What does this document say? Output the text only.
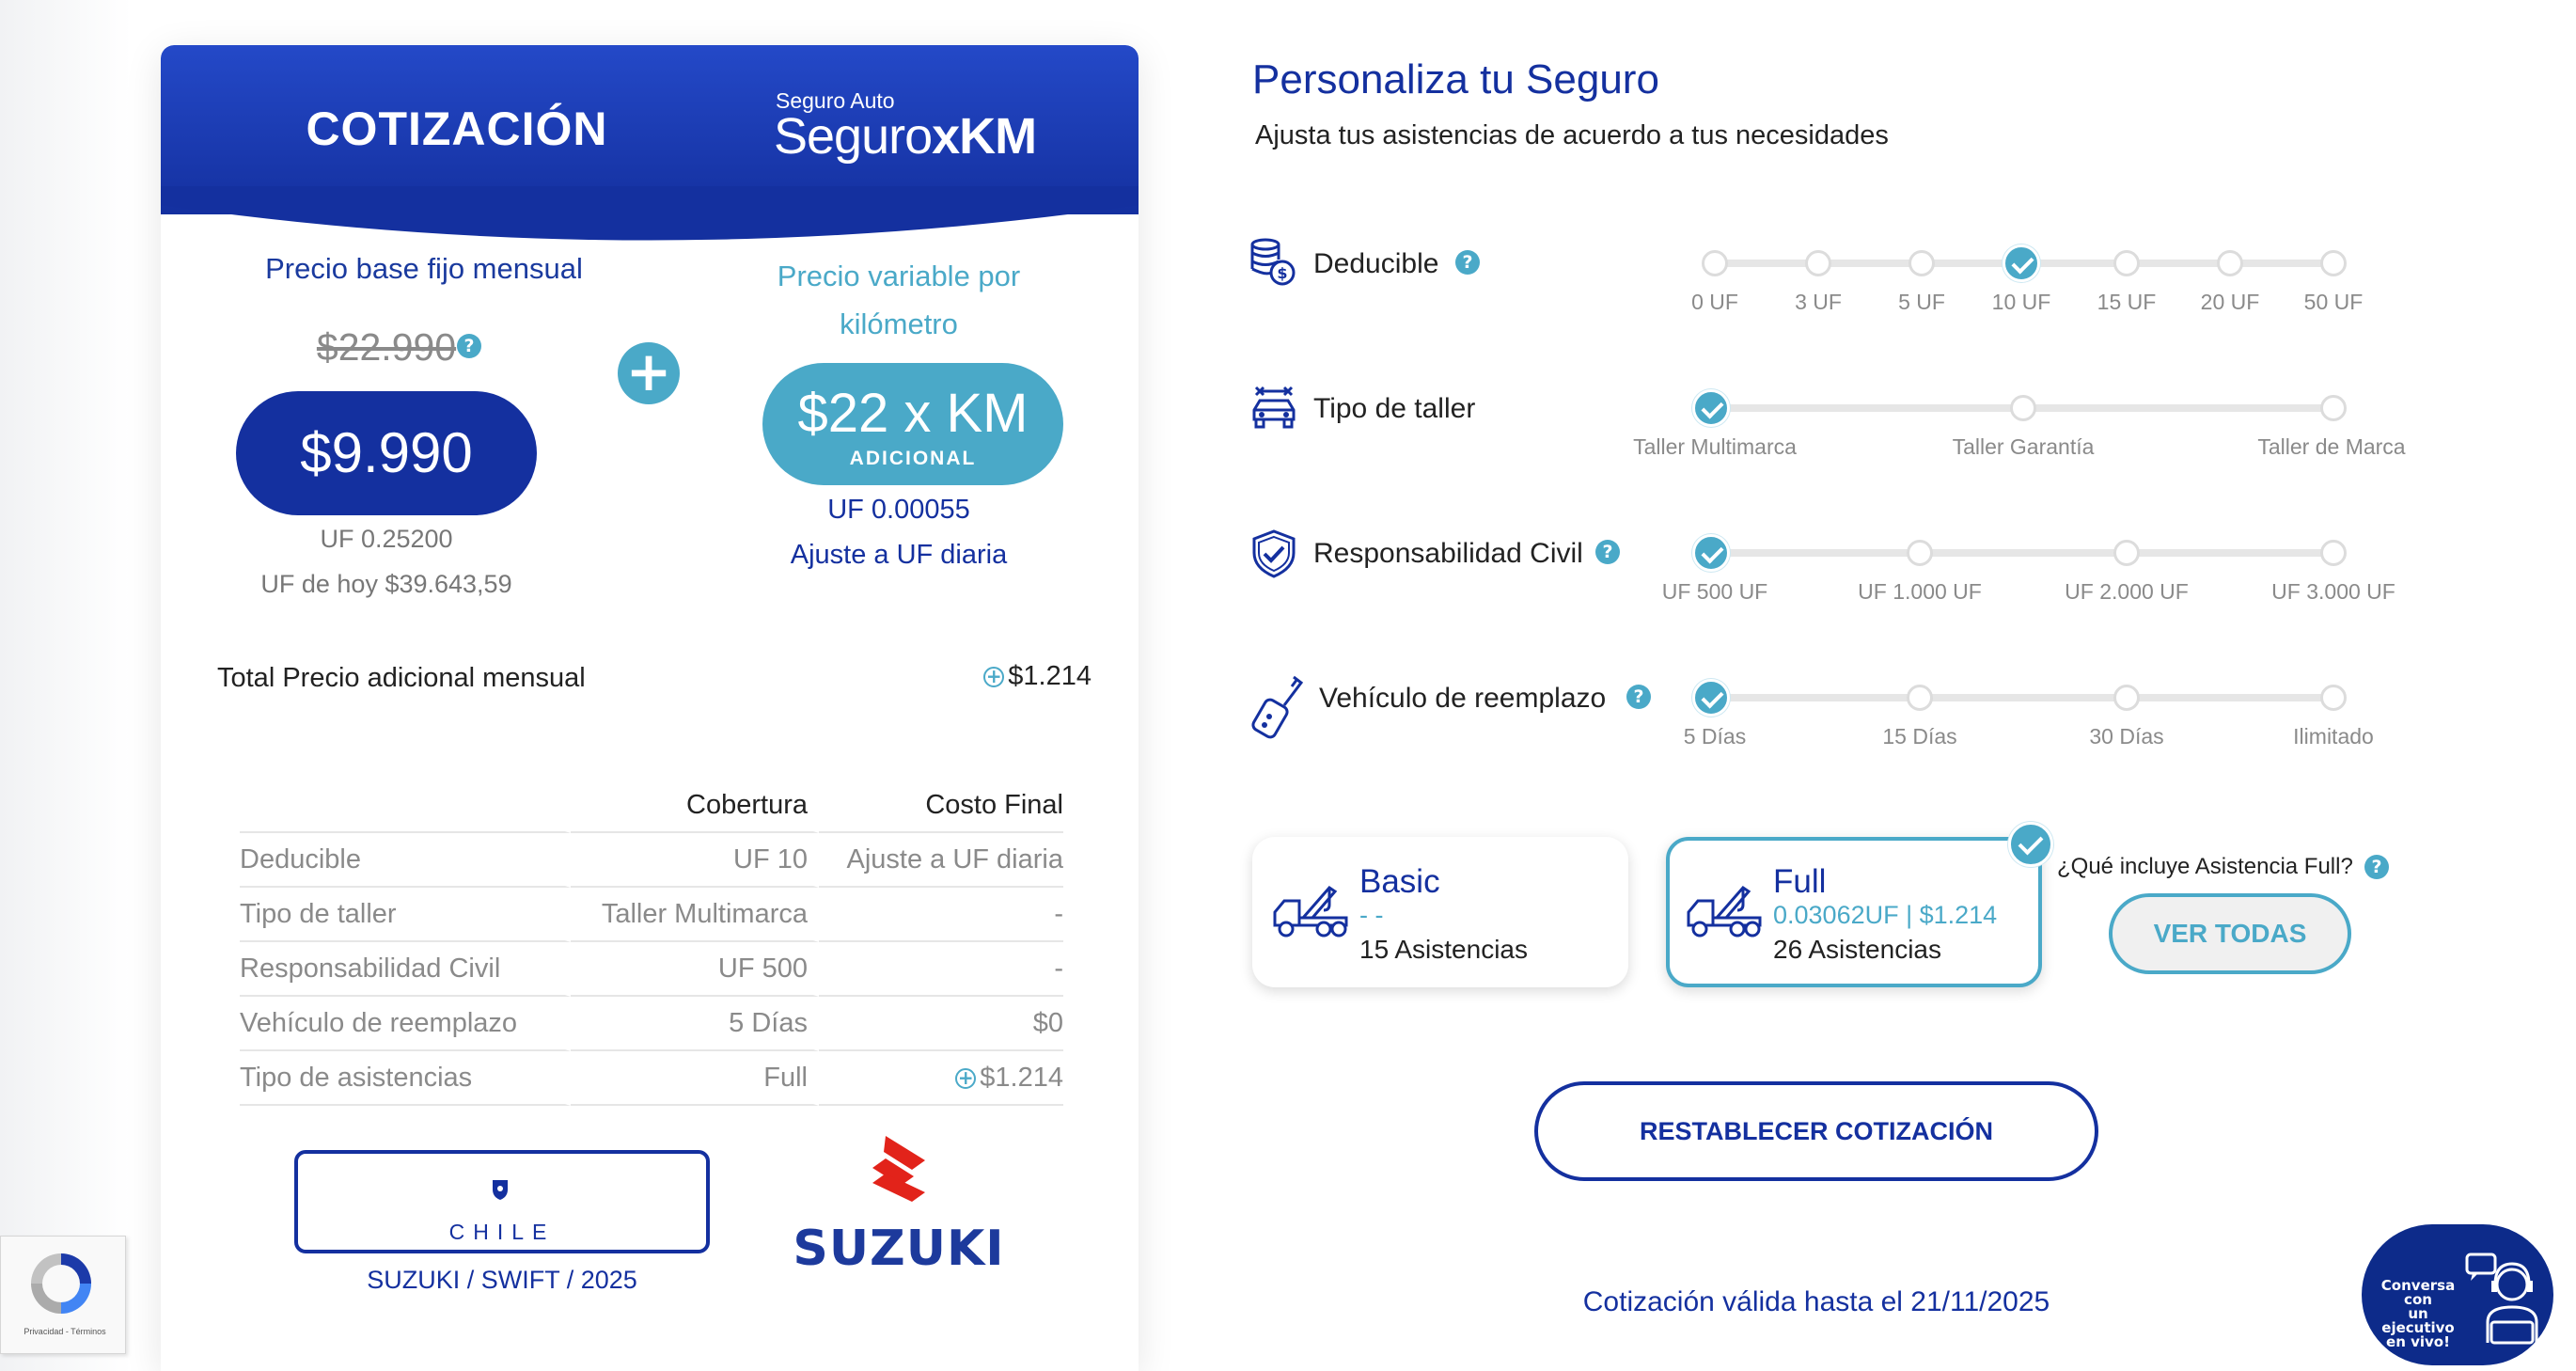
COTIZACIÓN
Seguro Auto
SeguroxKM
Precio base fijo mensual
$22.990 ?
$9.990
UF 0.25200
UF de hoy $39.643,59
+
Precio variable por kilómetro
$22 x KM
ADICIONAL
UF 0.00055
Ajuste a UF diaria
Total Precio adicional mensual	+ $1.214
	Cobertura	Costo Final
Deducible	UF 10	Ajuste a UF diaria
Tipo de taller	Taller Multimarca	-
Responsabilidad Civil	UF 500	-
Vehículo de reemplazo	5 Días	$0
Tipo de asistencias	Full	+ $1.214
CHILE
SUZUKI / SWIFT / 2025
SUZUKI
Personaliza tu Seguro
Ajusta tus asistencias de acuerdo a tus necesidades
$ Deducible	?
0 UF	3 UF	5 UF	10 UF	15 UF	20 UF	50 UF
Tipo de taller
Taller Multimarca	Taller Garantía	Taller de Marca
Responsabilidad Civil	?
UF 500 UF	UF 1.000 UF	UF 2.000 UF	UF 3.000 UF
Vehículo de reemplazo	?
5 Días	15 Días	30 Días	Ilimitado
Basic
- -
15 Asistencias
Full
0.03062UF | $1.214
26 Asistencias
¿Qué incluye Asistencia Full?	?
VER TODAS
RESTABLECER COTIZACIÓN
Cotización válida hasta el 21/11/2025
Conversa con
un ejecutivo
en vivo!
Privacidad - Términos
